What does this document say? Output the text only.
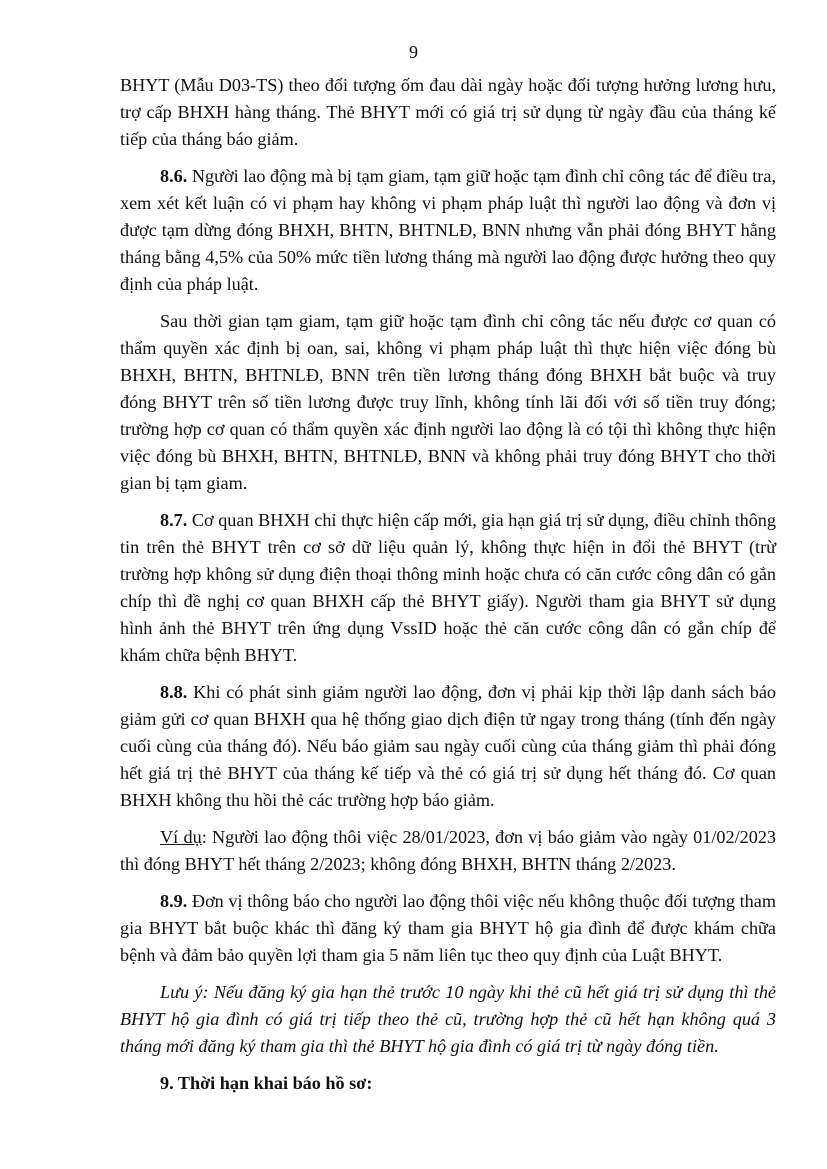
9

BHYT (Mẫu D03-TS) theo đối tượng ốm đau dài ngày hoặc đối tượng hưởng lương hưu, trợ cấp BHXH hàng tháng. Thẻ BHYT mới có giá trị sử dụng từ ngày đầu của tháng kế tiếp của tháng báo giảm.

8.6. Người lao động mà bị tạm giam, tạm giữ hoặc tạm đình chỉ công tác để điều tra, xem xét kết luận có vi phạm hay không vi phạm pháp luật thì người lao động và đơn vị được tạm dừng đóng BHXH, BHTN, BHTNLĐ, BNN nhưng vẫn phải đóng BHYT hằng tháng bằng 4,5% của 50% mức tiền lương tháng mà người lao động được hưởng theo quy định của pháp luật.

Sau thời gian tạm giam, tạm giữ hoặc tạm đình chỉ công tác nếu được cơ quan có thẩm quyền xác định bị oan, sai, không vi phạm pháp luật thì thực hiện việc đóng bù BHXH, BHTN, BHTNLĐ, BNN trên tiền lương tháng đóng BHXH bắt buộc và truy đóng BHYT trên số tiền lương được truy lĩnh, không tính lãi đối với số tiền truy đóng; trường hợp cơ quan có thẩm quyền xác định người lao động là có tội thì không thực hiện việc đóng bù BHXH, BHTN, BHTNLĐ, BNN và không phải truy đóng BHYT cho thời gian bị tạm giam.

8.7. Cơ quan BHXH chỉ thực hiện cấp mới, gia hạn giá trị sử dụng, điều chỉnh thông tin trên thẻ BHYT trên cơ sở dữ liệu quản lý, không thực hiện in đổi thẻ BHYT (trừ trường hợp không sử dụng điện thoại thông minh hoặc chưa có căn cước công dân có gắn chíp thì đề nghị cơ quan BHXH cấp thẻ BHYT giấy). Người tham gia BHYT sử dụng hình ảnh thẻ BHYT trên ứng dụng VssID hoặc thẻ căn cước công dân có gắn chíp để khám chữa bệnh BHYT.

8.8. Khi có phát sinh giảm người lao động, đơn vị phải kịp thời lập danh sách báo giảm gửi cơ quan BHXH qua hệ thống giao dịch điện tử ngay trong tháng (tính đến ngày cuối cùng của tháng đó). Nếu báo giảm sau ngày cuối cùng của tháng giảm thì phải đóng hết giá trị thẻ BHYT của tháng kế tiếp và thẻ có giá trị sử dụng hết tháng đó. Cơ quan BHXH không thu hồi thẻ các trường hợp báo giảm.

Ví dụ: Người lao động thôi việc 28/01/2023, đơn vị báo giảm vào ngày 01/02/2023 thì đóng BHYT hết tháng 2/2023; không đóng BHXH, BHTN tháng 2/2023.

8.9. Đơn vị thông báo cho người lao động thôi việc nếu không thuộc đối tượng tham gia BHYT bắt buộc khác thì đăng ký tham gia BHYT hộ gia đình để được khám chữa bệnh và đảm bảo quyền lợi tham gia 5 năm liên tục theo quy định của Luật BHYT.

Lưu ý: Nếu đăng ký gia hạn thẻ trước 10 ngày khi thẻ cũ hết giá trị sử dụng thì thẻ BHYT hộ gia đình có giá trị tiếp theo thẻ cũ, trường hợp thẻ cũ hết hạn không quá 3 tháng mới đăng ký tham gia thì thẻ BHYT hộ gia đình có giá trị từ ngày đóng tiền.

9. Thời hạn khai báo hồ sơ:
